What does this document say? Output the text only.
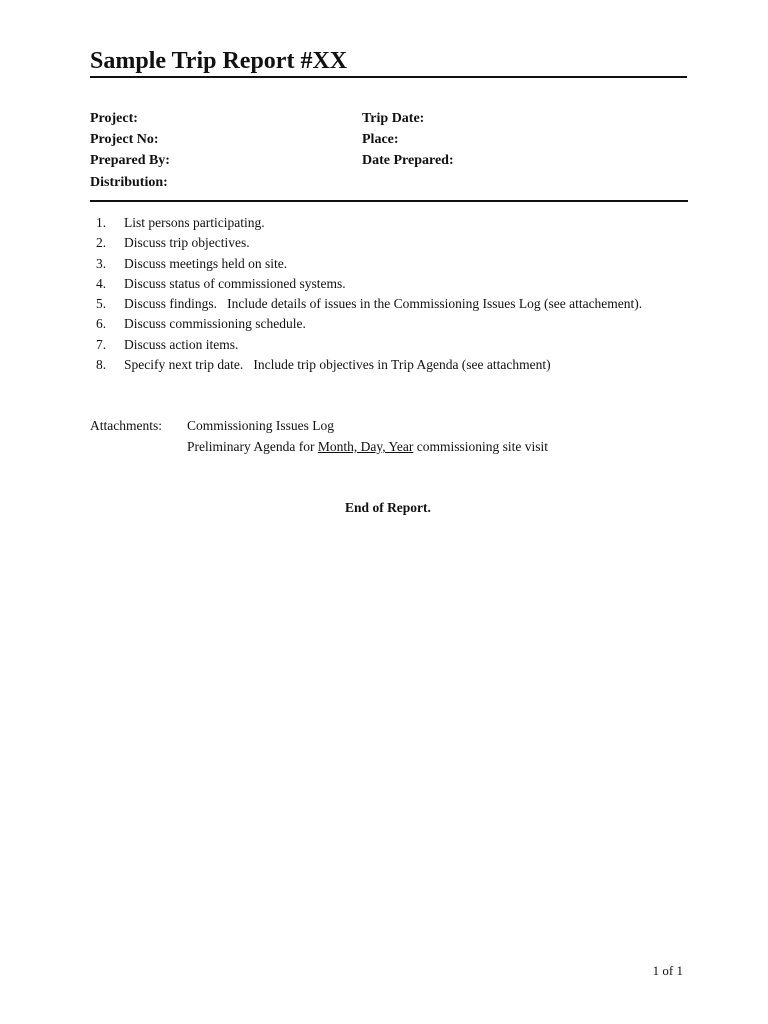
Sample Trip Report #XX
Project:	Trip Date:
Project No:	Place:
Prepared By:	Date Prepared:
Distribution:
1. List persons participating.
2. Discuss trip objectives.
3. Discuss meetings held on site.
4. Discuss status of commissioned systems.
5. Discuss findings.   Include details of issues in the Commissioning Issues Log (see attachement).
6. Discuss commissioning schedule.
7. Discuss action items.
8. Specify next trip date.   Include trip objectives in Trip Agenda (see attachment)
Attachments: Commissioning Issues Log
Preliminary Agenda for Month, Day, Year commissioning site visit
End of Report.
1 of 1
